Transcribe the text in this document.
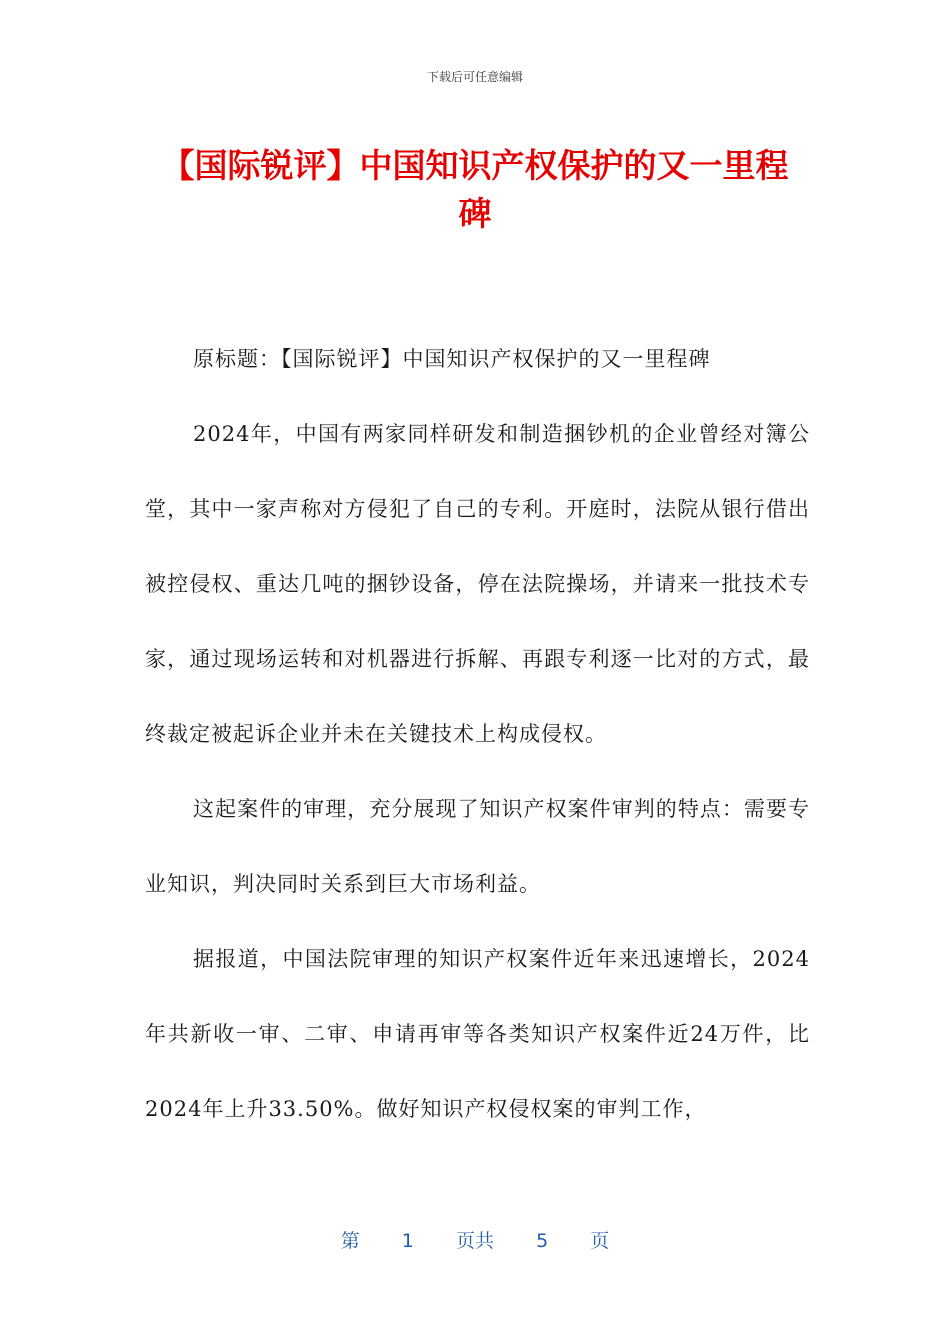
下载后可任意编辑
【国际锐评】中国知识产权保护的又一里程碑

原标题：【国际锐评】中国知识产权保护的又一里程碑

2024年，中国有两家同样研发和制造捆钞机的企业曾经对簿公堂，其中一家声称对方侵犯了自己的专利。开庭时，法院从银行借出被控侵权、重达几吨的捆钞设备，停在法院操场，并请来一批技术专家，通过现场运转和对机器进行拆解、再跟专利逐一比对的方式，最终裁定被起诉企业并未在关键技术上构成侵权。

这起案件的审理，充分展现了知识产权案件审判的特点：需要专业知识，判决同时关系到巨大市场利益。

据报道，中国法院审理的知识产权案件近年来迅速增长，2024年共新收一审、二审、申请再审等各类知识产权案件近24万件，比2024年上升33.50%。做好知识产权侵权案的审判工作，

第 1 页共 5 页
